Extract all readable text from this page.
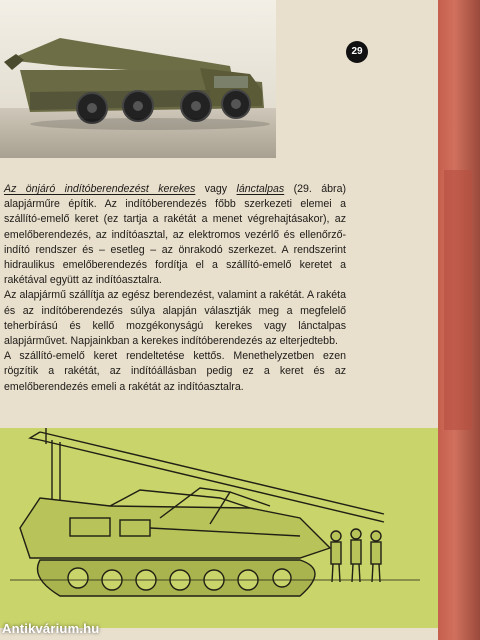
29

Az önjáró indítóberendezést kerekes vagy lánctalpas (29. ábra) alapjárműre építik. Az indítóberendezés főbb szerkezeti elemei a szállító-emelő keret (ez tartja a rakétát a menet végrehajtásakor), az emelőberendezés, az indítóasztal, az elektromos vezérlő és ellenőrző-indító rendszer és – esetleg – az önrakodó szerkezet. A rendszerint hidraulikus emelőberendezés fordítja el a szállító-emelő keretet a rakétával együtt az indítóasztalra.

Az alapjármű szállítja az egész berendezést, valamint a rakétát. A rakéta és az indítóberendezés súlya alapján választják meg a megfelelő teherbírású és kellő mozgékonyságú kerekes vagy lánctalpas alapjárművet. Napjainkban a kerekes indítóberendezés az elterjedtebb.

A szállító-emelő keret rendeltetése kettős. Menethelyzetben ezen rögzítik a rakétát, az indítóállásban pedig ez a keret és az emelőberendezés emeli a rakétát az indítóasztalra.

Antikvárium.hu
